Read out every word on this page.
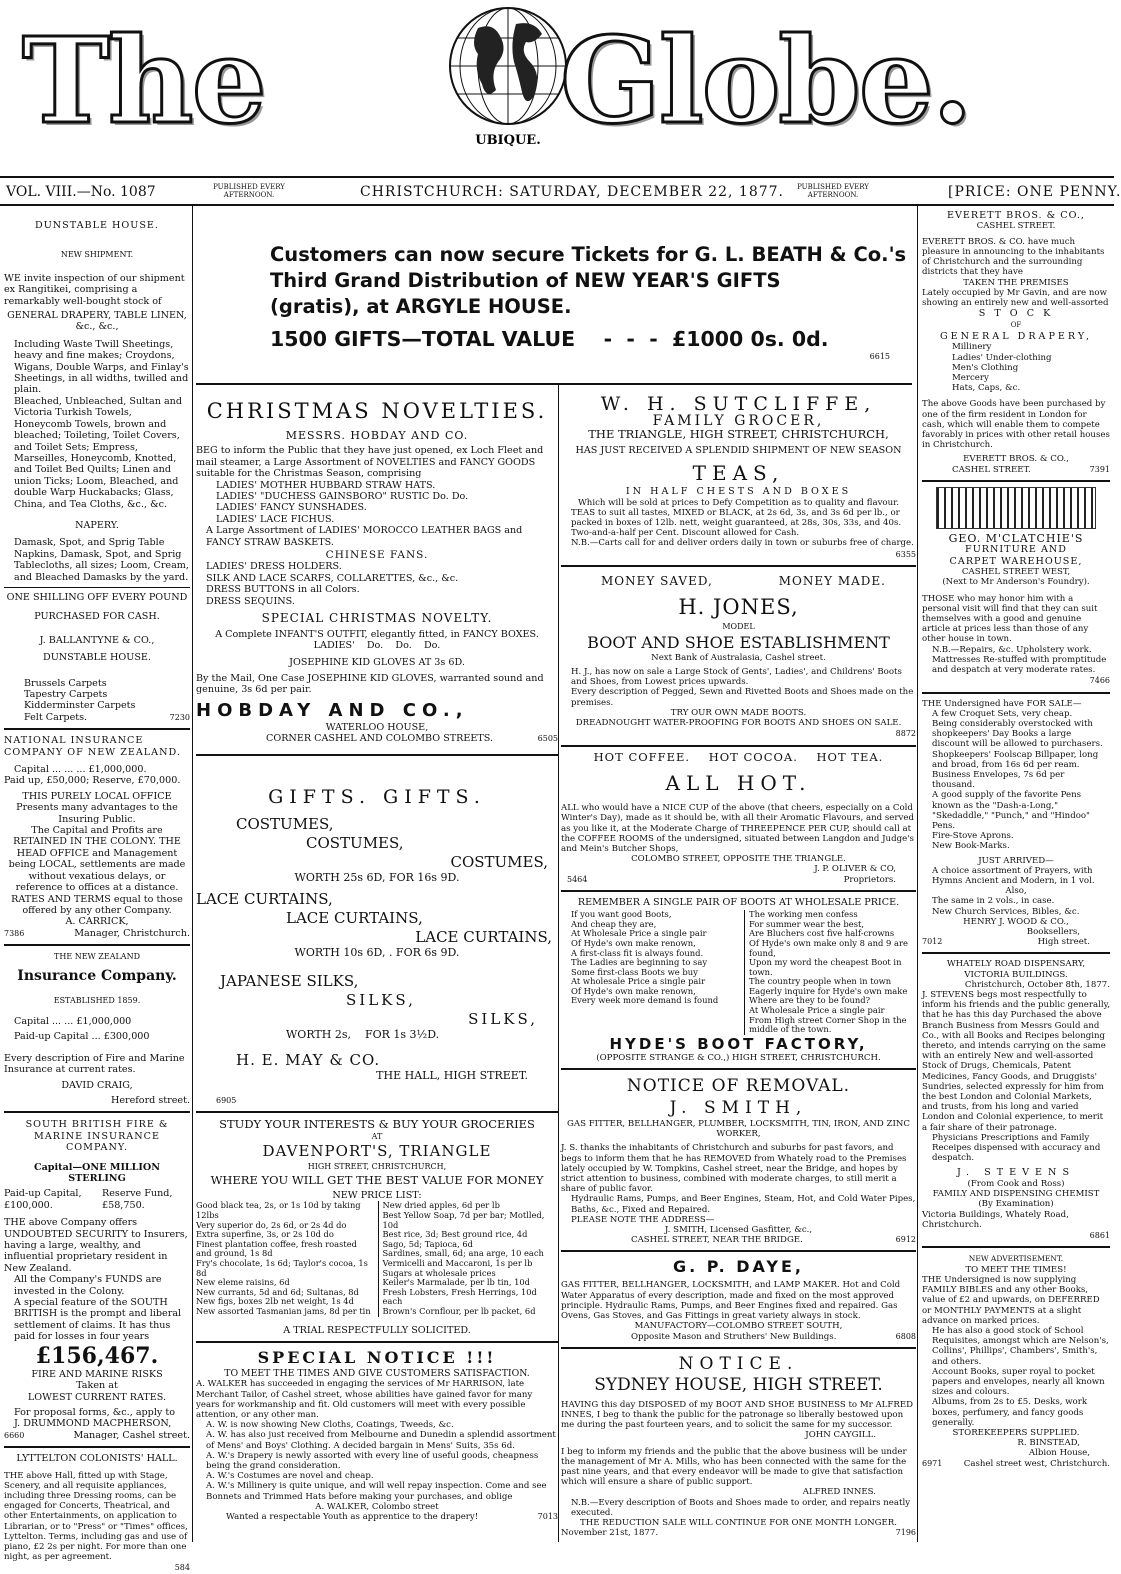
The	UBIQUE. Globe.
VOL. VIII.—No. 1087	PUBLISHED EVERY AFTERNOON.	CHRISTCHURCH: SATURDAY, DECEMBER 22, 1877.	PUBLISHED EVERY AFTERNOON.	[PRICE: ONE PENNY.
Customers can now secure Tickets for G. L. BEATH & Co.'s
Third Grand Distribution of NEW YEAR'S GIFTS
(gratis), at ARGYLE HOUSE.
1500 GIFTS—TOTAL VALUE    -  -  -  £1000 0s. 0d.
6615
DUNSTABLE HOUSE.
NEW SHIPMENT.
WE invite inspection of our shipment ex Rangitikei, comprising a remarkably well-bought stock of
GENERAL DRAPERY, TABLE LINEN,
&c., &c.,
Including Waste Twill Sheetings, heavy and fine makes; Croydons, Wigans, Double Warps, and Finlay's Sheetings, in all widths, twilled and plain.
Bleached, Unbleached, Sultan and Victoria Turkish Towels, Honeycomb Towels, brown and bleached; Toileting, Toilet Covers, and Toilet Sets; Empress, Marseilles, Honeycomb, Knotted, and Toilet Bed Quilts; Linen and union Ticks; Loom, Bleached, and double Warp Huckabacks; Glass, China, and Tea Cloths, &c., &c.
NAPERY.
Damask, Spot, and Sprig Table Napkins, Damask, Spot, and Sprig Tablecloths, all sizes; Loom, Cream, and Bleached Damasks by the yard.
ONE SHILLING OFF EVERY POUND
PURCHASED FOR CASH.
J. BALLANTYNE & CO.,
DUNSTABLE HOUSE.
Brussels Carpets
Tapestry Carpets
Kidderminster Carpets
Felt Carpets.	7230
NATIONAL INSURANCE COMPANY OF NEW ZEALAND.
Capital ... ... ... £1,000,000.
Paid up, £50,000; Reserve, £70,000.
THIS PURELY LOCAL OFFICE
Presents many advantages to the Insuring Public.
The Capital and Profits are RETAINED IN THE COLONY. THE HEAD OFFICE and Management being LOCAL, settlements are made without vexatious delays, or reference to offices at a distance.
RATES AND TERMS equal to those offered by any other Company.
A. CARRICK,
7386	Manager, Christchurch.
THE NEW ZEALAND
Insurance Company.
ESTABLISHED 1859.
Capital ... ... £1,000,000
Paid-up Capital ... £300,000
Every description of Fire and Marine Insurance at current rates.
DAVID CRAIG,
Hereford street.
SOUTH BRITISH FIRE & MARINE INSURANCE COMPANY.
Capital—ONE MILLION STERLING
Paid-up Capital, £100,000.
Reserve Fund, £58,750.
THE above Company offers UNDOUBTED SECURITY to Insurers, having a large, wealthy, and influential proprietary resident in New Zealand.
All the Company's FUNDS are invested in the Colony.
A special feature of the SOUTH BRITISH is the prompt and liberal settlement of claims. It has thus paid for losses in four years
£156,467.
FIRE AND MARINE RISKS
Taken at
LOWEST CURRENT RATES.
For proposal forms, &c., apply to
J. DRUMMOND MACPHERSON,
6660	Manager, Cashel street.
LYTTELTON COLONISTS' HALL.
THE above Hall, fitted up with Stage, Scenery, and all requisite appliances, including three Dressing rooms, can be engaged for Concerts, Theatrical, and other Entertainments, on application to Librarian, or to "Press" or "Times" offices, Lyttelton. Terms, including gas and use of piano, £2 2s per night. For more than one night, as per agreement.
584
CHRISTMAS NOVELTIES.
MESSRS. HOBDAY AND CO.
BEG to inform the Public that they have just opened, ex Loch Fleet and mail steamer, a Large Assortment of NOVELTIES and FANCY GOODS suitable for the Christmas Season, comprising
LADIES' MOTHER HUBBARD STRAW HATS.
LADIES' "DUCHESS GAINSBORO" RUSTIC Do. Do.
LADIES' FANCY SUNSHADES.
LADIES' LACE FICHUS.
A Large Assortment of LADIES' MOROCCO LEATHER BAGS and FANCY STRAW BASKETS.
CHINESE FANS.
LADIES' DRESS HOLDERS.
SILK AND LACE SCARFS, COLLARETTES, &c., &c.
DRESS BUTTONS in all Colors.
DRESS SEQUINS.
SPECIAL CHRISTMAS NOVELTY.
A Complete INFANT'S OUTFIT, elegantly fitted, in FANCY BOXES.
LADIES'    Do.    Do.    Do.
JOSEPHINE KID GLOVES AT 3s 6D.
By the Mail, One Case JOSEPHINE KID GLOVES, warranted sound and genuine, 3s 6d per pair.
HOBDAY AND CO.,
WATERLOO HOUSE,
CORNER CASHEL AND COLOMBO STREETS.	6505
GIFTS. GIFTS.
COSTUMES,
COSTUMES,
COSTUMES,
WORTH 25s 6D, FOR 16s 9D.
LACE CURTAINS,
LACE CURTAINS,
LACE CURTAINS,
WORTH 10s 6D, . FOR 6s 9D.
JAPANESE SILKS,
SILKS,
SILKS,
WORTH 2s,    FOR 1s 3½D.
H. E. MAY & CO.
THE HALL, HIGH STREET.
6905
STUDY YOUR INTERESTS & BUY YOUR GROCERIES
AT
DAVENPORT'S, TRIANGLE
HIGH STREET, CHRISTCHURCH,
WHERE YOU WILL GET THE BEST VALUE FOR MONEY
NEW PRICE LIST:
Good black tea, 2s, or 1s 10d by taking 12lbs
Very superior do, 2s 6d, or 2s 4d do
Extra superfine, 3s, or 2s 10d do
Finest plantation coffee, fresh roasted and ground, 1s 8d
Fry's chocolate, 1s 6d; Taylor's cocoa, 1s 8d
New eleme raisins, 6d
New currants, 5d and 6d; Sultanas, 8d
New figs, boxes 2lb net weight, 1s 4d
New assorted Tasmanian jams, 8d per tin
New dried apples, 6d per lb
Best Yellow Soap, 7d per bar; Motlled, 10d
Best rice, 3d; Best ground rice, 4d
Sago, 5d; Tapioca, 6d
Sardines, small, 6d; ana arge, 10 each
Vermicelli and Maccaroni, 1s per lb
Sugars at wholesale prices
Keiler's Marmalade, per lb tin, 10d
Fresh Lobsters, Fresh Herrings, 10d each
Brown's Cornflour, per lb packet, 6d
A TRIAL RESPECTFULLY SOLICITED.
SPECIAL NOTICE !!!
TO MEET THE TIMES AND GIVE CUSTOMERS SATISFACTION.
A. WALKER has succeeded in engaging the services of Mr HARRISON, late Merchant Tailor, of Cashel street, whose abilities have gained favor for many years for workmanship and fit. Old customers will meet with every possible attention, or any other man.
A. W. is now showing New Cloths, Coatings, Tweeds, &c.
A. W. has also just received from Melbourne and Dunedin a splendid assortment of Mens' and Boys' Clothing. A decided bargain in Mens' Suits, 35s 6d.
A. W.'s Drapery is newly assorted with every line of useful goods, cheapness being the grand consideration.
A. W.'s Costumes are novel and cheap.
A. W.'s Millinery is quite unique, and will well repay inspection. Come and see Bonnets and Trimmed Hats before making your purchases, and oblige
A. WALKER, Colombo street
Wanted a respectable Youth as apprentice to the drapery!	7013
W. H. SUTCLIFFE,
FAMILY GROCER,
THE TRIANGLE, HIGH STREET, CHRISTCHURCH,
HAS JUST RECEIVED A SPLENDID SHIPMENT OF NEW SEASON
TEAS,
IN HALF CHESTS AND BOXES
Which will be sold at prices to Defy Competition as to quality and flavour.
TEAS to suit all tastes, MIXED or BLACK, at 2s 6d, 3s, and 3s 6d per lb., or packed in boxes of 12lb. nett, weight guaranteed, at 28s, 30s, 33s, and 40s. Two-and-a-half per Cent. Discount allowed for Cash.
N.B.—Carts call for and deliver orders daily in town or suburbs free of charge.
6355
MONEY SAVED,	MONEY MADE.
H. JONES,
MODEL
BOOT AND SHOE ESTABLISHMENT
Next Bank of Australasia, Cashel street.
H. J., has now on sale a Large Stock of Gents', Ladies', and Childrens' Boots and Shoes, from Lowest prices upwards.
Every description of Pegged, Sewn and Rivetted Boots and Shoes made on the premises.
TRY OUR OWN MADE BOOTS.
DREADNOUGHT WATER-PROOFING FOR BOOTS AND SHOES ON SALE.
8872
HOT COFFEE.    HOT COCOA.    HOT TEA.
ALL HOT.
ALL who would have a NICE CUP of the above (that cheers, especially on a Cold Winter's Day), made as it should be, with all their Aromatic Flavours, and served as you like it, at the Moderate Charge of THREEPENCE PER CUP, should call at the COFFEE ROOMS of the undersigned, situated between Langdon and Judge's and Mein's Butcher Shops,
COLOMBO STREET, OPPOSITE THE TRIANGLE.
J. P. OLIVER & CO,
5464	Proprietors.
REMEMBER A SINGLE PAIR OF BOOTS AT WHOLESALE PRICE.
If you want good Boots,
And cheap they are,
At Wholesale Price a single pair
Of Hyde's own make renown,
A first-class fit is always found.
The Ladies are beginning to say
Some first-class Boots we buy
At wholesale Price a single pair
Of Hyde's own make renown,
Every week more demand is found
The working men confess
For summer wear the best,
Are Bluchers cost five half-crowns
Of Hyde's own make only 8 and 9 are found,
Upon my word the cheapest Boot in town.
The country people when in town
Eagerly inquire for Hyde's own make
Where are they to be found?
At Wholesale Price a single pair
From High street Corner Shop in the middle of the town.
HYDE'S BOOT FACTORY,
(OPPOSITE STRANGE & CO.,) HIGH STREET, CHRISTCHURCH.
NOTICE OF REMOVAL.
J. SMITH,
GAS FITTER, BELLHANGER, PLUMBER, LOCKSMITH, TIN, IRON, AND ZINC WORKER,
J. S. thanks the inhabitants of Christchurch and suburbs for past favors, and begs to inform them that he has REMOVED from Whately road to the Premises lately occupied by W. Tompkins, Cashel street, near the Bridge, and hopes by strict attention to business, combined with moderate charges, to still merit a share of public favor.
Hydraulic Rams, Pumps, and Beer Engines, Steam, Hot, and Cold Water Pipes, Baths, &c., Fixed and Repaired.
PLEASE NOTE THE ADDRESS—
J. SMITH, Licensed Gasfitter, &c.,
CASHEL STREET, NEAR THE BRIDGE.	6912
G. P. DAYE,
GAS FITTER, BELLHANGER, LOCKSMITH, and LAMP MAKER. Hot and Cold Water Apparatus of every description, made and fixed on the most approved principle. Hydraulic Rams, Pumps, and Beer Engines fixed and repaired. Gas Ovens, Gas Stoves, and Gas Fittings in great variety always in stock.
MANUFACTORY—COLOMBO STREET SOUTH,
Opposite Mason and Struthers' New Buildings.	6808
NOTICE.
SYDNEY HOUSE, HIGH STREET.
HAVING this day DISPOSED of my BOOT AND SHOE BUSINESS to Mr ALFRED INNES, I beg to thank the public for the patronage so liberally bestowed upon me during the past fourteen years, and to solicit the same for my successor.
JOHN CAYGILL.
I beg to inform my friends and the public that the above business will be under the management of Mr A. Mills, who has been connected with the same for the past nine years, and that every endeavor will be made to give that satisfaction which will ensure a share of public support.
ALFRED INNES.
N.B.—Every description of Boots and Shoes made to order, and repairs neatly executed.
THE REDUCTION SALE WILL CONTINUE FOR ONE MONTH LONGER.
November 21st, 1877.	7196
EVERETT BROS. & CO.,
CASHEL STREET.
EVERETT BROS. & CO. have much pleasure in announcing to the inhabitants of Christchurch and the surrounding districts that they have
TAKEN THE PREMISES
Lately occupied by Mr Gavin, and are now showing an entirely new and well-assorted
S T O C K
OF
GENERAL DRAPERY,
Millinery
Ladies' Under-clothing
Men's Clothing
Mercery
Hats, Caps, &c.
The above Goods have been purchased by one of the firm resident in London for cash, which will enable them to compete favorably in prices with other retail houses in Christchurch.
EVERETT BROS. & CO.,
CASHEL STREET.	7391
GEO. M'CLATCHIE'S
FURNITURE AND
CARPET WAREHOUSE,
CASHEL STREET WEST,
(Next to Mr Anderson's Foundry).
THOSE who may honor him with a personal visit will find that they can suit themselves with a good and genuine article at prices less than those of any other house in town.
N.B.—Repairs, &c. Upholstery work. Mattresses Re-stuffed with promptitude and despatch at very moderate rates.
7466
THE Undersigned have FOR SALE—
A few Croquet Sets, very cheap.
Being considerably overstocked with shopkeepers' Day Books a large discount will be allowed to purchasers.
Shopkeepers' Foolscap Billpaper, long and broad, from 16s 6d per ream.
Business Envelopes, 7s 6d per thousand.
A good supply of the favorite Pens known as the "Dash-a-Long," "Skedaddle," "Punch," and "Hindoo" Pens.
Fire-Stove Aprons.
New Book-Marks.
JUST ARRIVED—
A choice assortment of Prayers, with Hymns Ancient and Modern, in 1 vol.
Also,
The same in 2 vols., in case.
New Church Services, Bibles, &c.
HENRY J. WOOD & CO.,
Booksellers,
7012	High street.
WHATELY ROAD DISPENSARY,
VICTORIA BUILDINGS.
Christchurch, October 8th, 1877.
J. STEVENS begs most respectfully to inform his friends and the public generally, that he has this day Purchased the above Branch Business from Messrs Gould and Co., with all Books and Recipes belonging thereto, and intends carrying on the same with an entirely New and well-assorted Stock of Drugs, Chemicals, Patent Medicines, Fancy Goods, and Druggists' Sundries, selected expressly for him from the best London and Colonial Markets, and trusts, from his long and varied London and Colonial experience, to merit a fair share of their patronage.
Physicians Prescriptions and Family Receipes dispensed with accuracy and despatch.
J. STEVENS
(From Cook and Ross)
FAMILY AND DISPENSING CHEMIST
(By Examination)
Victoria Buildings, Whately Road, Christchurch.
6861
NEW ADVERTISEMENT.
TO MEET THE TIMES!
THE Undersigned is now supplying FAMILY BIBLES and any other Books, value of £2 and upwards, on DEFERRED or MONTHLY PAYMENTS at a slight advance on marked prices.
He has also a good stock of School Requisites, amongst which are Nelson's, Collins', Phillips', Chambers', Smith's, and others.
Account Books, super royal to pocket papers and envelopes, nearly all known sizes and colours.
Albums, from 2s to £5. Desks, work boxes, perfumery, and fancy goods generally.
STOREKEEPERS SUPPLIED.
R. BINSTEAD,
Albion House,
6971 Cashel street west, Christchurch.
